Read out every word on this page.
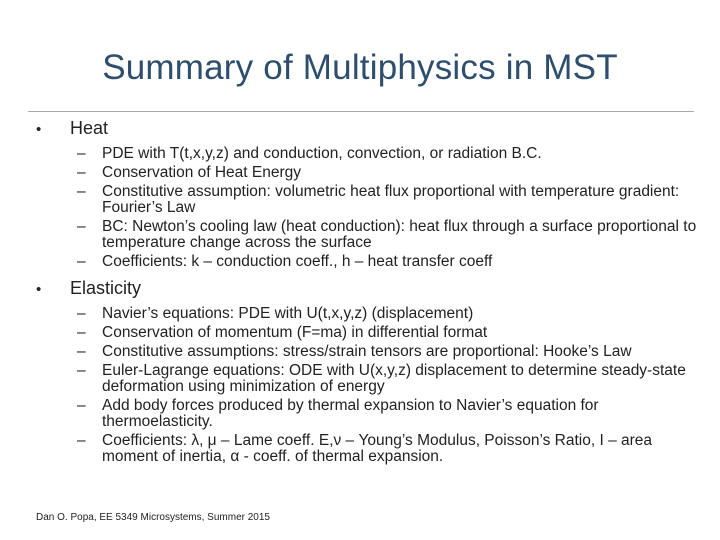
Summary of Multiphysics in MST
•	Heat
–	PDE with T(t,x,y,z) and conduction, convection, or radiation B.C.
–	Conservation of Heat Energy
–	Constitutive assumption: volumetric heat flux proportional with temperature gradient: Fourier’s Law
–	BC: Newton’s cooling law (heat conduction): heat flux through a surface proportional to temperature change across the surface
–	Coefficients: k – conduction coeff., h – heat transfer coeff
•	Elasticity
–	Navier’s equations: PDE with U(t,x,y,z) (displacement)
–	Conservation of momentum (F=ma) in differential format
–	Constitutive assumptions: stress/strain tensors are proportional: Hooke’s Law
–	Euler-Lagrange equations: ODE with U(x,y,z) displacement to determine steady-state deformation using minimization of energy
–	Add body forces produced by thermal expansion to Navier’s equation for thermoelasticity.
–	Coefficients: λ, μ – Lame coeff. E,ν – Young’s Modulus, Poisson’s Ratio, I – area moment of inertia, α - coeff. of thermal expansion.
Dan O. Popa, EE 5349 Microsystems, Summer 2015
